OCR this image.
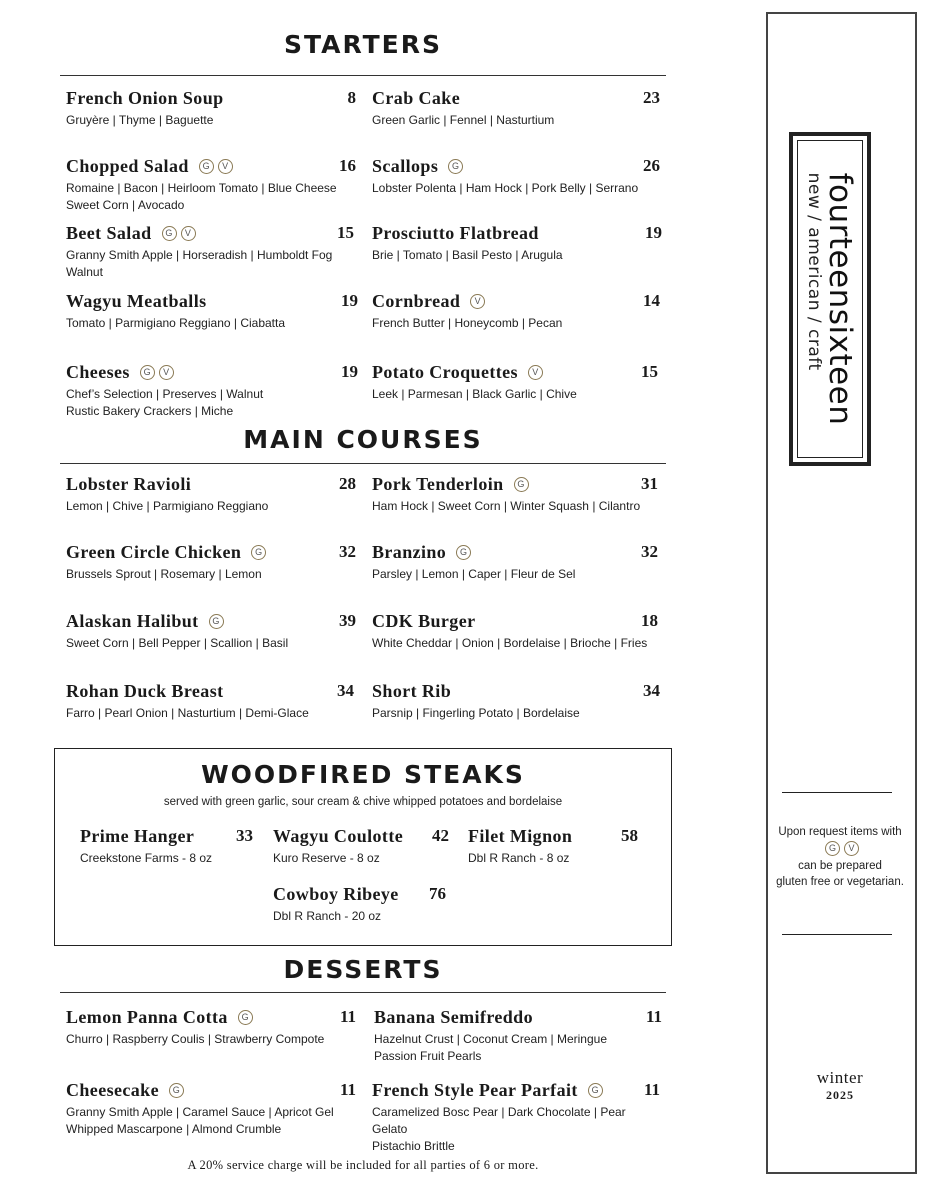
STARTERS
MAIN COURSES
WOODFIRED STEAKS
served with green garlic, sour cream & chive whipped potatoes and bordelaise
DESSERTS
A 20% service charge will be included for all parties of 6 or more.
French Onion Soup	8
Gruyère | Thyme | Baguette
Crab Cake	23
Green Garlic | Fennel | Nasturtium
Chopped Salad	G	V	16
Romaine | Bacon | Heirloom Tomato | Blue Cheese
Sweet Corn | Avocado
Scallops	G	26
Lobster Polenta | Ham Hock | Pork Belly | Serrano
Beet Salad	G	V	15
Granny Smith Apple | Horseradish | Humboldt Fog
Walnut
Prosciutto Flatbread	19
Brie | Tomato | Basil Pesto | Arugula
Wagyu Meatballs	19
Tomato | Parmigiano Reggiano | Ciabatta
Cornbread	V	14
French Butter | Honeycomb | Pecan
Cheeses	G	V	19
Chef’s Selection | Preserves | Walnut
Rustic Bakery Crackers | Miche
Potato Croquettes	V	15
Leek | Parmesan | Black Garlic | Chive
Lobster Ravioli	28
Lemon | Chive | Parmigiano Reggiano
Pork Tenderloin	G	31
Ham Hock | Sweet Corn | Winter Squash | Cilantro
Green Circle Chicken	G	32
Brussels Sprout | Rosemary | Lemon
Branzino	G	32
Parsley | Lemon | Caper | Fleur de Sel
Alaskan Halibut	G	39
Sweet Corn | Bell Pepper | Scallion | Basil
CDK Burger	18
White Cheddar | Onion | Bordelaise | Brioche | Fries
Rohan Duck Breast	34
Farro | Pearl Onion | Nasturtium | Demi-Glace
Short Rib	34
Parsnip | Fingerling Potato | Bordelaise
Prime Hanger 33
Creekstone Farms - 8 oz
Wagyu Coulotte 42
Kuro Reserve - 8 oz
Filet Mignon	58
Dbl R Ranch - 8 oz
Cowboy Ribeye 76
Dbl R Ranch - 20 oz
Lemon Panna Cotta	G	11
Churro | Raspberry Coulis | Strawberry Compote
Banana Semifreddo	11
Hazelnut Crust | Coconut Cream | Meringue
Passion Fruit Pearls
Cheesecake	G	11
Granny Smith Apple | Caramel Sauce | Apricot Gel
Whipped Mascarpone | Almond Crumble
French Style Pear Parfait	G	11
Caramelized Bosc Pear | Dark Chocolate | Pear Gelato
Pistachio Brittle
fourteensixteen
new / american / craft
Upon request items with
G V
can be prepared
gluten free or vegetarian.
winter
2025
